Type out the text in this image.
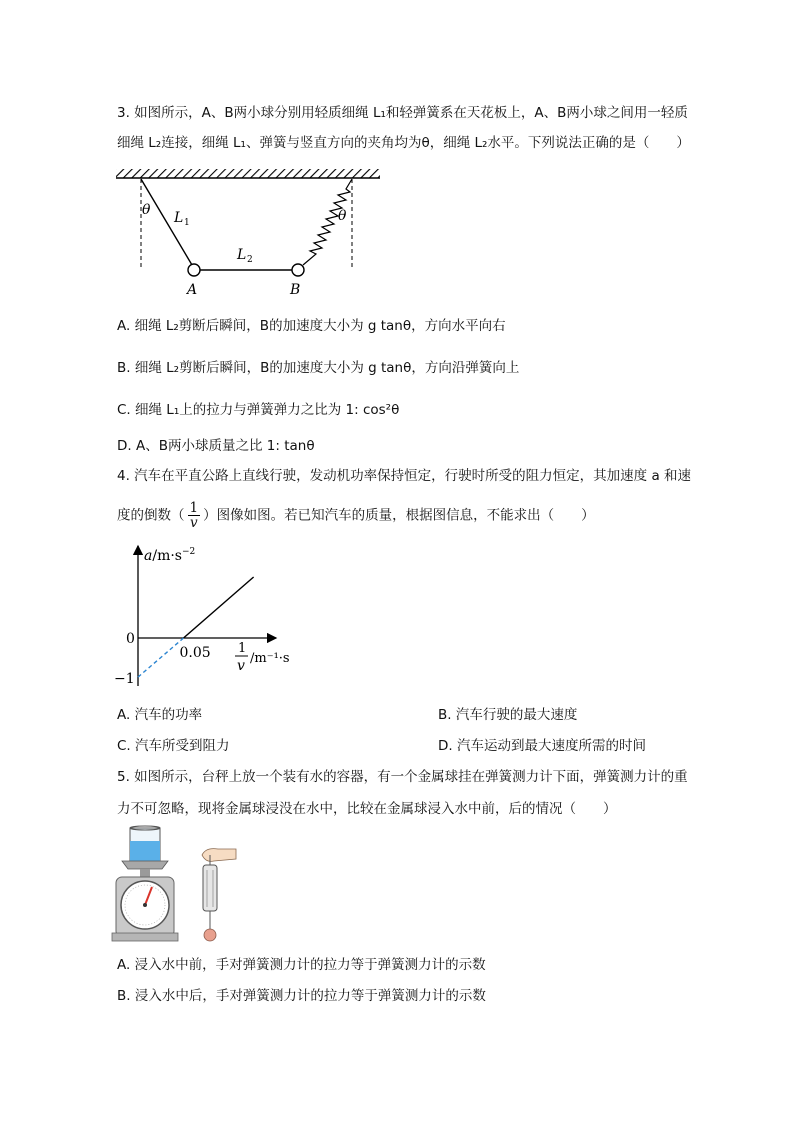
3. 如图所示，A、B两小球分别用轻质细绳 L₁和轻弹簧系在天花板上，A、B两小球之间用一轻质
细绳 L₂连接，细绳 L₁、弹簧与竖直方向的夹角均为θ，细绳 L₂水平。下列说法正确的是（　　）
θ	θ
L 1
L 2
A	B
A. 细绳 L₂剪断后瞬间，B的加速度大小为 g tanθ，方向水平向右
B. 细绳 L₂剪断后瞬间，B的加速度大小为 g tanθ，方向沿弹簧向上
C. 细绳 L₁上的拉力与弹簧弹力之比为 1: cos²θ
D. A、B两小球质量之比 1: tanθ
4. 汽车在平直公路上直线行驶，发动机功率保持恒定，行驶时所受的阻力恒定，其加速度 a 和速
度的倒数（ $\frac{1}{v}$ ）图像如图。若已知汽车的质量，根据图信息，不能求出（　　）
0
−1
0.05
$a/m\cdot s^{-2}$
1
v /m⁻¹·s
A. 汽车的功率	B. 汽车行驶的最大速度
C. 汽车所受到阻力	D. 汽车运动到最大速度所需的时间
5. 如图所示，台秤上放一个装有水的容器，有一个金属球挂在弹簧测力计下面，弹簧测力计的重
力不可忽略，现将金属球浸没在水中，比较在金属球浸入水中前，后的情况（　　）
A. 浸入水中前，手对弹簧测力计的拉力等于弹簧测力计的示数
B. 浸入水中后，手对弹簧测力计的拉力等于弹簧测力计的示数
